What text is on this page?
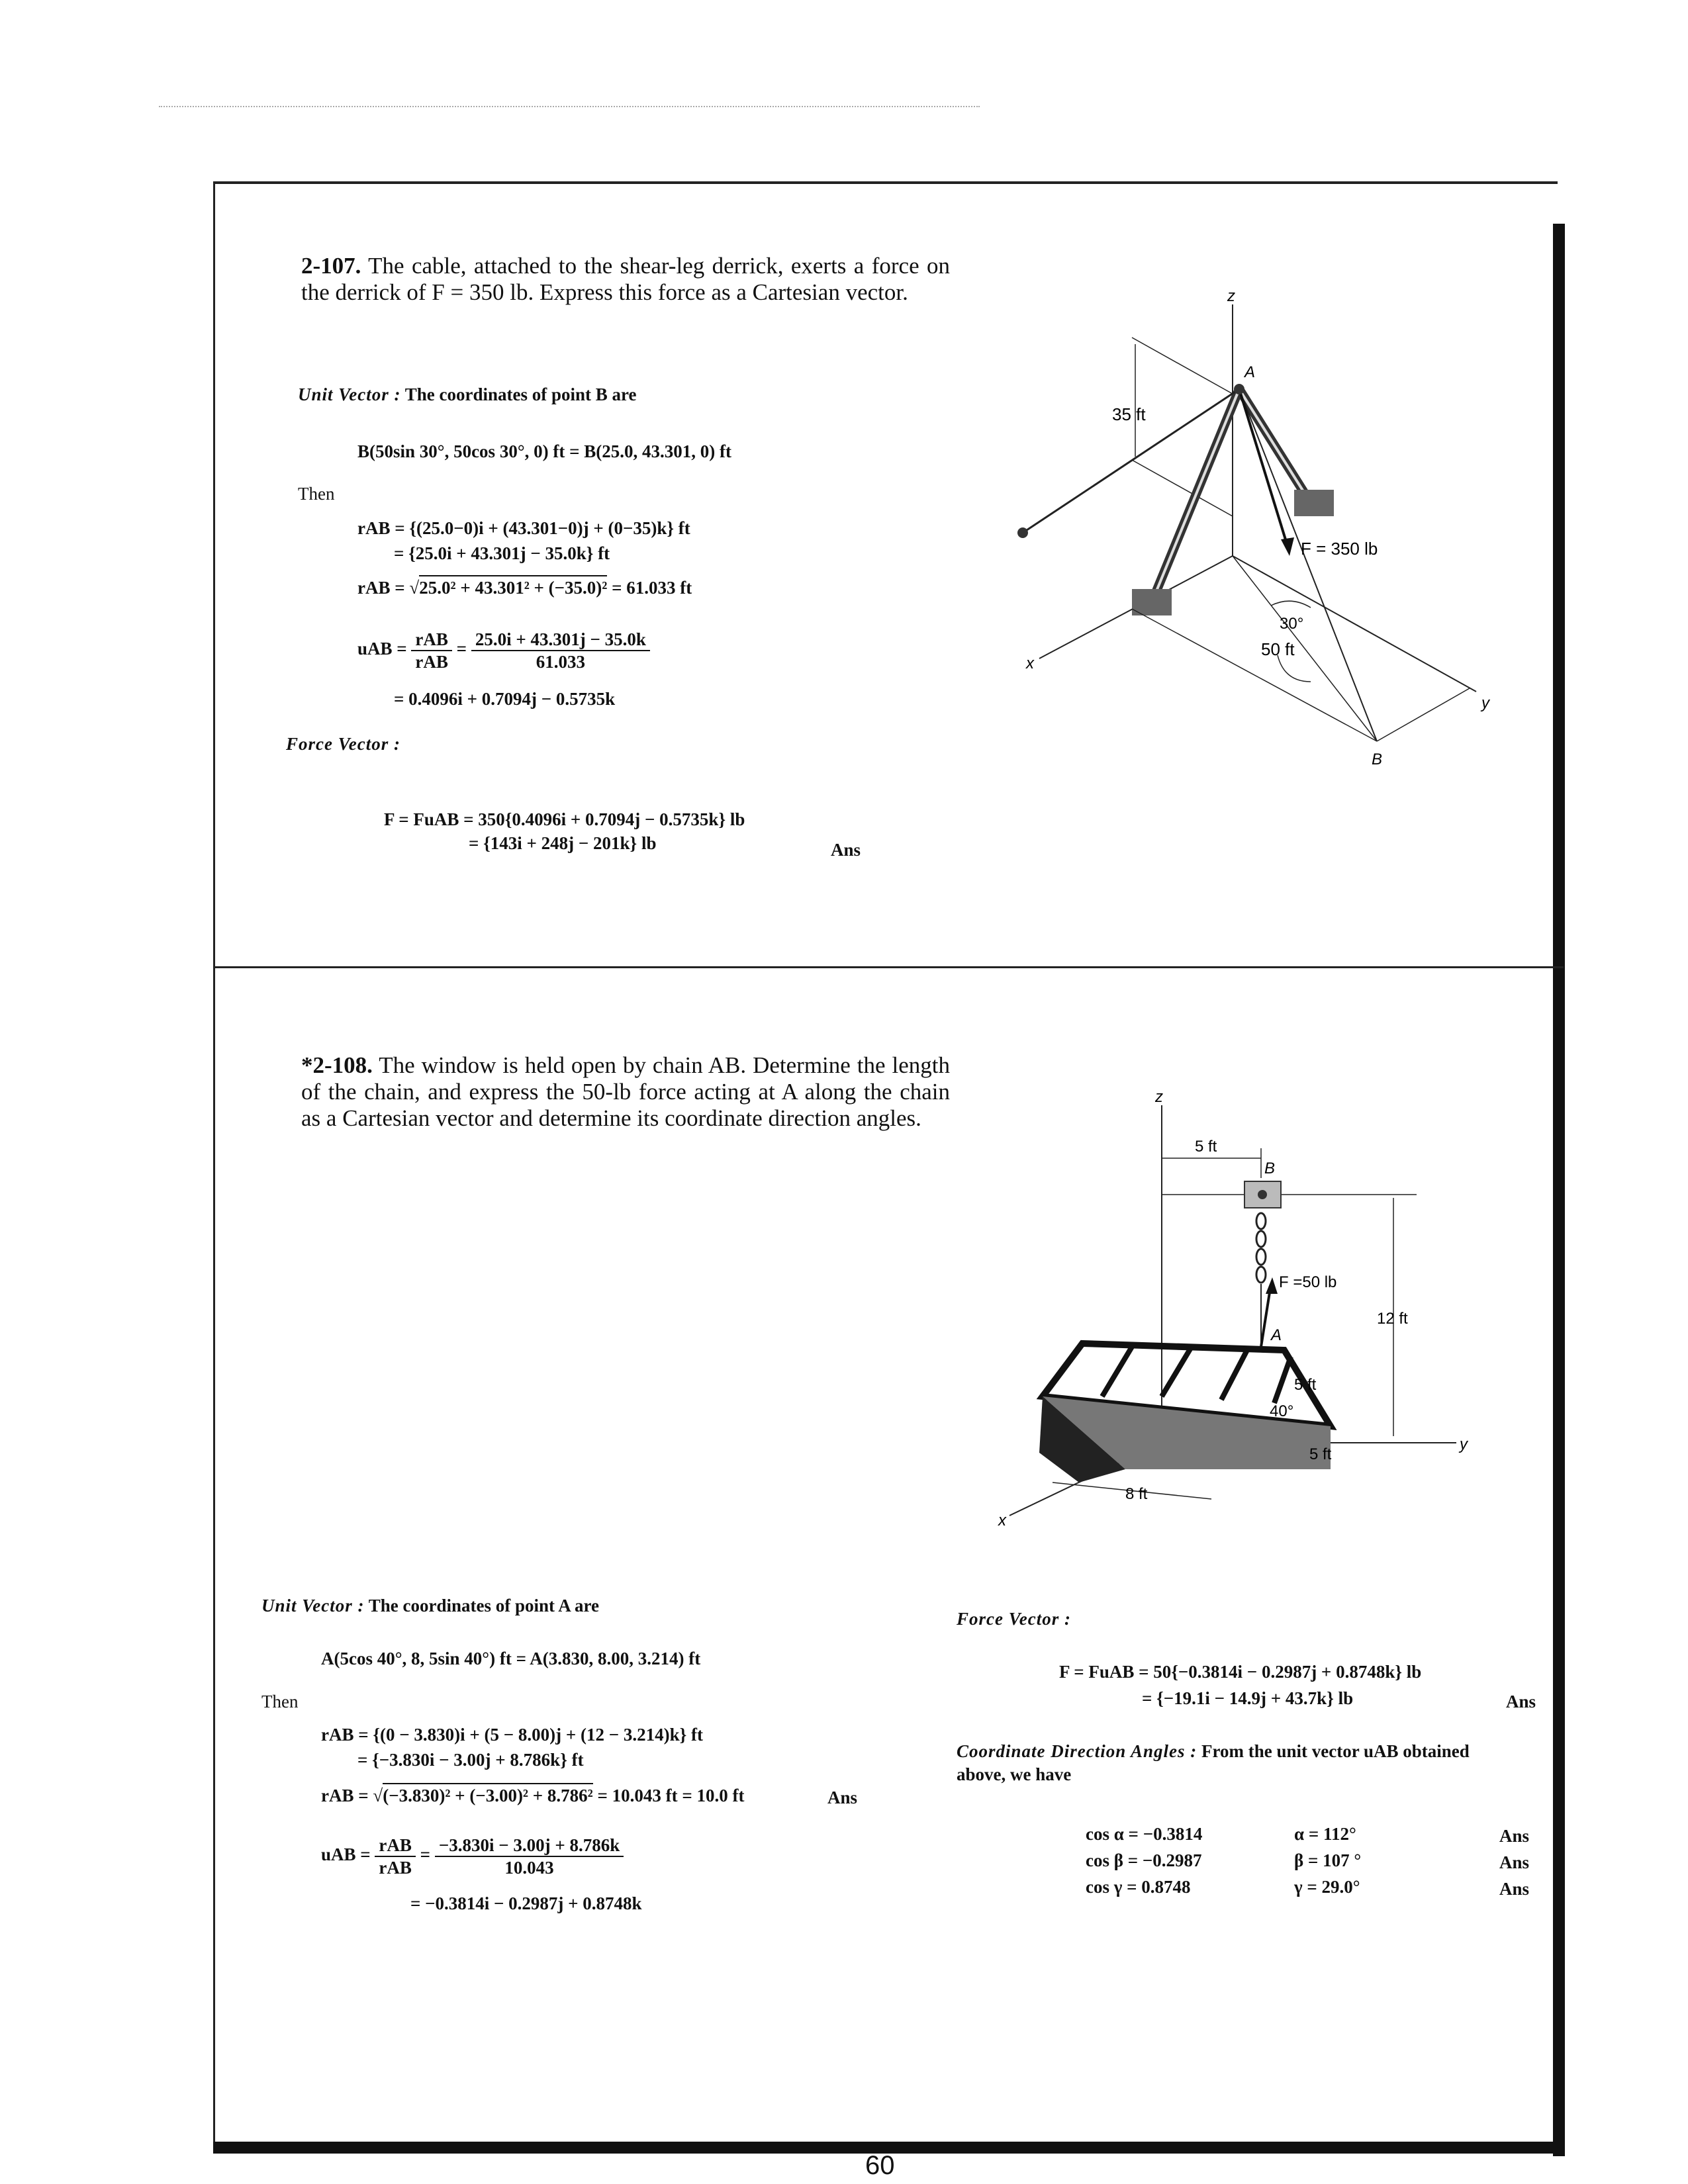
2-107. The cable, attached to the shear-leg derrick, exerts a force on the derrick of F = 350 lb. Express this force as a Cartesian vector.
Unit Vector : The coordinates of point B are
B(50sin 30°, 50cos 30°, 0) ft = B(25.0, 43.301, 0) ft
Then
rAB = {(25.0−0)i + (43.301−0)j + (0−35)k} ft
= {25.0i + 43.301j − 35.0k} ft
rAB = √25.0² + 43.301² + (−35.0)² = 61.033 ft
uAB = $\frac{\text{rAB}}{\text{rAB}} = \frac{25.0i + 43.301j - 35.0k}{61.033}$
= 0.4096i + 0.7094j − 0.5735k
Force Vector :
F = FuAB = 350{0.4096i + 0.7094j − 0.5735k} lb
= {143i + 248j − 201k} lb	Ans
z
x
y
35 ft
F = 350 lb
A
30°
50 ft
B
*2-108. The window is held open by chain AB. Determine the length of the chain, and express the 50-lb force acting at A along the chain as a Cartesian vector and determine its coordinate direction angles.
z
y
x
5 ft
B
12 ft
F =50 lb
A
5 ft
40°
5 ft
8 ft
Unit Vector : The coordinates of point A are
A(5cos 40°, 8, 5sin 40°) ft = A(3.830, 8.00, 3.214) ft
Then
rAB = {(0 − 3.830)i + (5 − 8.00)j + (12 − 3.214)k} ft
= {−3.830i − 3.00j + 8.786k} ft
rAB = √(−3.830)² + (−3.00)² + 8.786² = 10.043 ft = 10.0 ft	Ans
uAB = $\frac{\text{rAB}}{\text{rAB}} = \frac{-3.830i - 3.00j + 8.786k}{10.043}$
= −0.3814i − 0.2987j + 0.8748k
Force Vector :
F = FuAB = 50{−0.3814i − 0.2987j + 0.8748k} lb
= {−19.1i − 14.9j + 43.7k} lb	Ans
Coordinate Direction Angles : From the unit vector uAB obtained
above, we have
cos α = −0.3814	α = 112°	Ans
cos β = −0.2987	β = 107 °	Ans
cos γ = 0.8748	γ = 29.0°	Ans
60
